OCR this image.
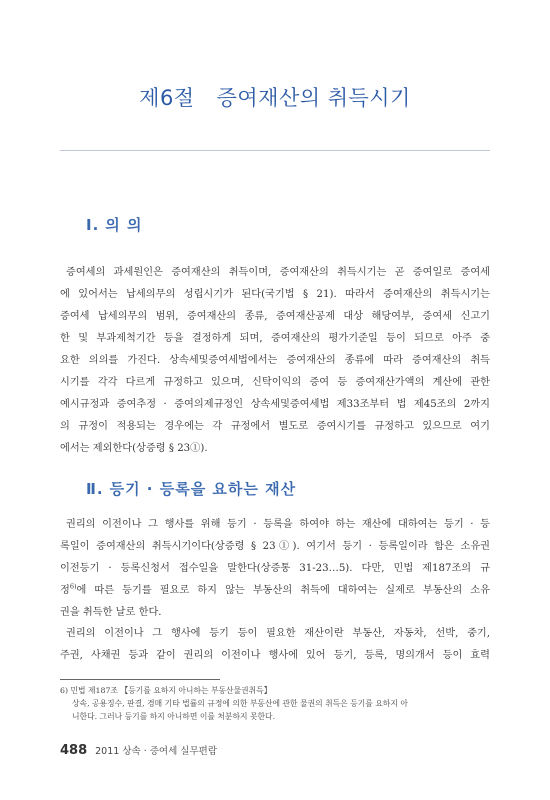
제6절 증여재산의 취득시기
Ⅰ. 의 의
증여세의 과세원인은 증여재산의 취득이며, 증여재산의 취득시기는 곧 증여일로 증여세
에 있어서는 납세의무의 성립시기가 된다(국기법 § 21). 따라서 증여재산의 취득시기는
증여세 납세의무의 범위, 증여재산의 종류, 증여재산공제 대상 해당여부, 증여세 신고기
한 및 부과제척기간 등을 결정하게 되며, 증여재산의 평가기준일 등이 되므로 아주 중
요한 의의를 가진다. 상속세및증여세법에서는 증여재산의 종류에 따라 증여재산의 취득
시기를 각각 다르게 규정하고 있으며, 신탁이익의 증여 등 증여재산가액의 계산에 관한
예시규정과 증여추정 · 증여의제규정인 상속세및증여세법 제33조부터 법 제45조의 2까지
의 규정이 적용되는 경우에는 각 규정에서 별도로 증여시기를 규정하고 있으므로 여기
에서는 제외한다(상증령 § 23①).
Ⅱ. 등기 · 등록을 요하는 재산
권리의 이전이나 그 행사를 위해 등기 · 등록을 하여야 하는 재산에 대하여는 등기 · 등
록일이 증여재산의 취득시기이다(상증령 § 23①). 여기서 등기 · 등록일이라 함은 소유권
이전등기 · 등록신청서 접수일을 말한다(상증통 31-23…5). 다만, 민법 제187조의 규
정$^{6)}$에 따른 등기를 필요로 하지 않는 부동산의 취득에 대하여는 실제로 부동산의 소유
권을 취득한 날로 한다.
권리의 이전이나 그 행사에 등기 등이 필요한 재산이란 부동산, 자동차, 선박, 중기,
주권, 사채권 등과 같이 권리의 이전이나 행사에 있어 등기, 등록, 명의개서 등이 효력
6) 민법 제187조 【등기를 요하지 아니하는 부동산물권취득】
상속, 공용징수, 판결, 경매 기타 법률의 규정에 의한 부동산에 관한 물권의 취득은 등기를 요하지 아
니한다. 그러나 등기를 하지 아니하면 이를 처분하지 못한다.
488 2011 상속 · 증여세 실무편람
